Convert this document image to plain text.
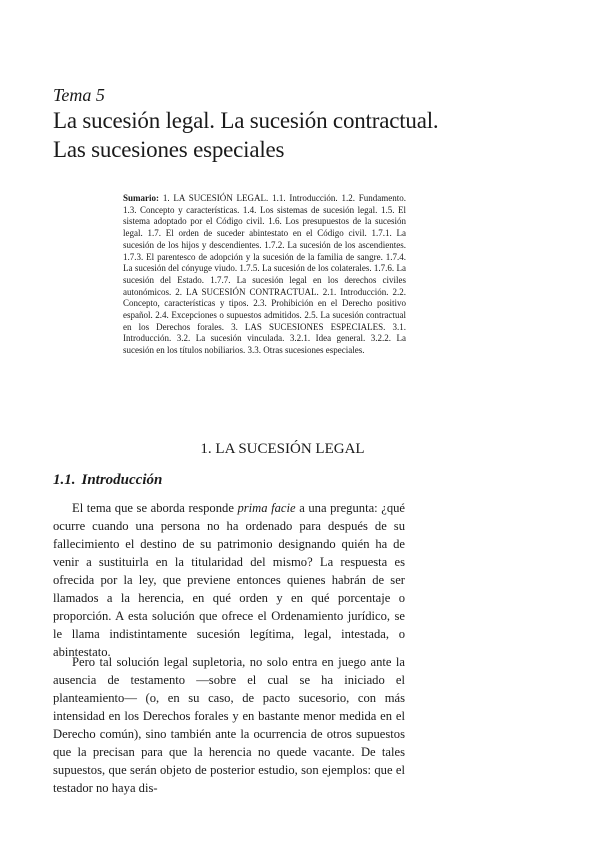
Tema 5

La sucesión legal. La sucesión contractual. Las sucesiones especiales

Sumario: 1. LA SUCESIÓN LEGAL. 1.1. Introducción. 1.2. Fundamento. 1.3. Concepto y características. 1.4. Los sistemas de sucesión legal. 1.5. El sistema adoptado por el Código civil. 1.6. Los presupuestos de la sucesión legal. 1.7. El orden de suceder abintestato en el Código civil. 1.7.1. La sucesión de los hijos y descendientes. 1.7.2. La sucesión de los ascendientes. 1.7.3. El parentesco de adopción y la sucesión de la familia de sangre. 1.7.4. La sucesión del cónyuge viudo. 1.7.5. La sucesión de los colaterales. 1.7.6. La sucesión del Estado. 1.7.7. La sucesión legal en los derechos civiles autonómicos. 2. LA SUCESIÓN CONTRACTUAL. 2.1. Introducción. 2.2. Concepto, características y tipos. 2.3. Prohibición en el Derecho positivo español. 2.4. Excepciones o supuestos admitidos. 2.5. La sucesión contractual en los Derechos forales. 3. LAS SUCESIONES ESPECIALES. 3.1. Introducción. 3.2. La sucesión vinculada. 3.2.1. Idea general. 3.2.2. La sucesión en los títulos nobiliarios. 3.3. Otras sucesiones especiales.

1. LA SUCESIÓN LEGAL
1.1. Introducción

El tema que se aborda responde prima facie a una pregunta: ¿qué ocurre cuando una persona no ha ordenado para después de su fallecimiento el destino de su patrimonio designando quién ha de venir a sustituirla en la titularidad del mismo? La respuesta es ofrecida por la ley, que previene entonces quienes habrán de ser llamados a la herencia, en qué orden y en qué porcentaje o proporción. A esta solución que ofrece el Ordenamiento jurídico, se le llama indistintamente sucesión legítima, legal, intestada, o abintestato.

Pero tal solución legal supletoria, no solo entra en juego ante la ausencia de testamento —sobre el cual se ha iniciado el planteamiento— (o, en su caso, de pacto sucesorio, con más intensidad en los Derechos forales y en bastante menor medida en el Derecho común), sino también ante la ocurrencia de otros supuestos que la precisan para que la herencia no quede vacante. De tales supuestos, que serán objeto de posterior estudio, son ejemplos: que el testador no haya dis-
